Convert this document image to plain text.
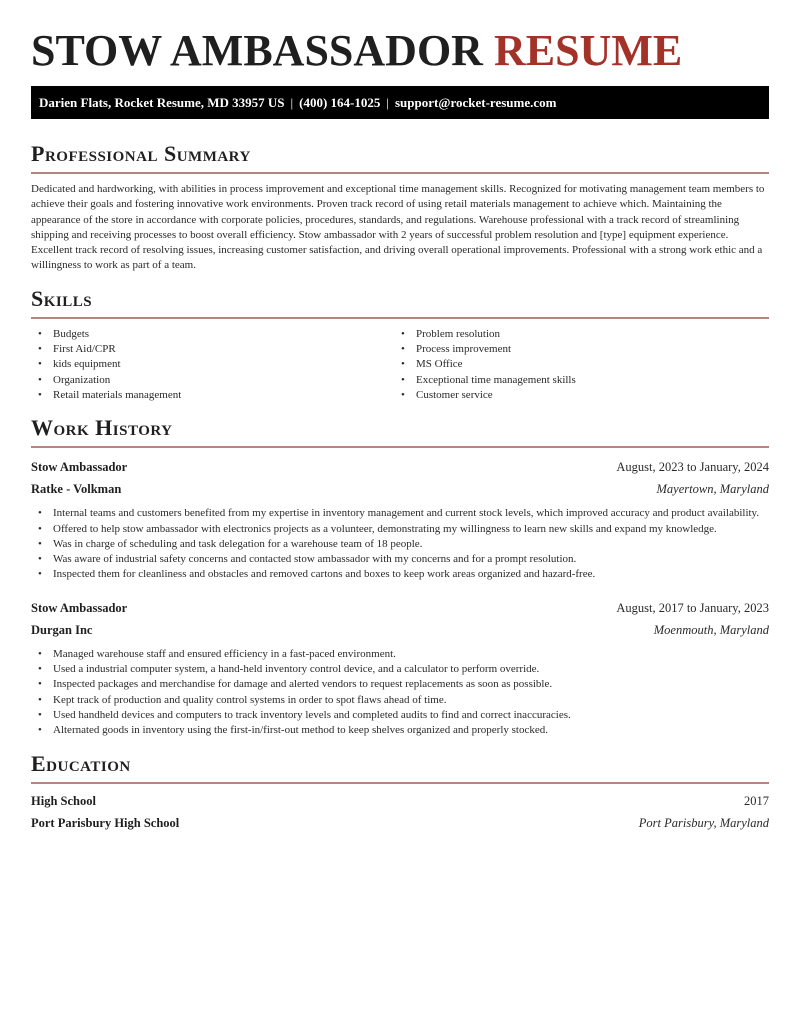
STOW AMBASSADOR RESUME
Darien Flats, Rocket Resume, MD 33957 US | (400) 164-1025 | support@rocket-resume.com
Professional Summary

Dedicated and hardworking, with abilities in process improvement and exceptional time management skills. Recognized for motivating management team members to achieve their goals and fostering innovative work environments. Proven track record of using retail materials management to achieve which. Maintaining the appearance of the store in accordance with corporate policies, procedures, standards, and regulations. Warehouse professional with a track record of streamlining shipping and receiving processes to boost overall efficiency. Stow ambassador with 2 years of successful problem resolution and [type] equipment experience. Excellent track record of resolving issues, increasing customer satisfaction, and driving overall operational improvements. Professional with a strong work ethic and a willingness to work as part of a team.

Skills
• Budgets
• First Aid/CPR
• kids equipment
• Organization
• Retail materials management
• Problem resolution
• Process improvement
• MS Office
• Exceptional time management skills
• Customer service
Work History
Stow Ambassador	August, 2023 to January, 2024
Ratke - Volkman	Mayertown, Maryland
• Internal teams and customers benefited from my expertise in inventory management and current stock levels, which improved accuracy and product availability.
• Offered to help stow ambassador with electronics projects as a volunteer, demonstrating my willingness to learn new skills and expand my knowledge.
• Was in charge of scheduling and task delegation for a warehouse team of 18 people.
• Was aware of industrial safety concerns and contacted stow ambassador with my concerns and for a prompt resolution.
• Inspected them for cleanliness and obstacles and removed cartons and boxes to keep work areas organized and hazard-free.
Stow Ambassador	August, 2017 to January, 2023
Durgan Inc	Moenmouth, Maryland
• Managed warehouse staff and ensured efficiency in a fast-paced environment.
• Used a industrial computer system, a hand-held inventory control device, and a calculator to perform override.
• Inspected packages and merchandise for damage and alerted vendors to request replacements as soon as possible.
• Kept track of production and quality control systems in order to spot flaws ahead of time.
• Used handheld devices and computers to track inventory levels and completed audits to find and correct inaccuracies.
• Alternated goods in inventory using the first-in/first-out method to keep shelves organized and properly stocked.
Education
High School	2017
Port Parisbury High School	Port Parisbury, Maryland
